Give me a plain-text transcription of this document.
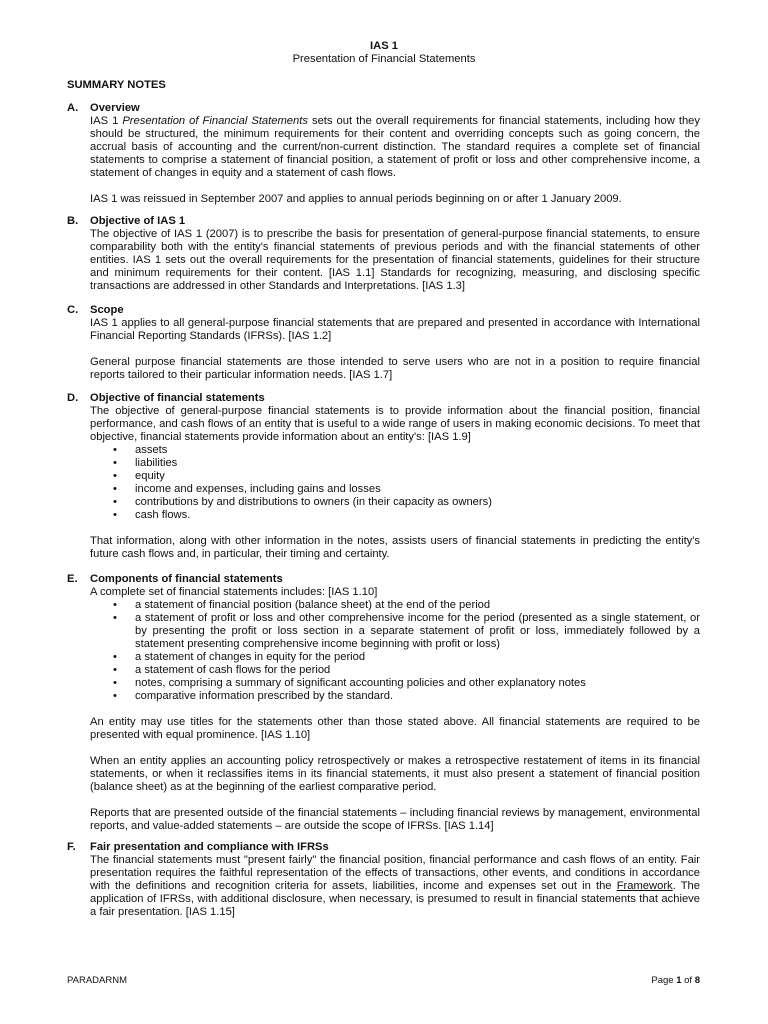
IAS 1
Presentation of Financial Statements
SUMMARY NOTES
A.	Overview

IAS 1 Presentation of Financial Statements sets out the overall requirements for financial statements, including how they should be structured, the minimum requirements for their content and overriding concepts such as going concern, the accrual basis of accounting and the current/non-current distinction. The standard requires a complete set of financial statements to comprise a statement of financial position, a statement of profit or loss and other comprehensive income, a statement of changes in equity and a statement of cash flows.

IAS 1 was reissued in September 2007 and applies to annual periods beginning on or after 1 January 2009.

B.	Objective of IAS 1

The objective of IAS 1 (2007) is to prescribe the basis for presentation of general-purpose financial statements, to ensure comparability both with the entity's financial statements of previous periods and with the financial statements of other entities. IAS 1 sets out the overall requirements for the presentation of financial statements, guidelines for their structure and minimum requirements for their content. [IAS 1.1] Standards for recognizing, measuring, and disclosing specific transactions are addressed in other Standards and Interpretations. [IAS 1.3]

C.	Scope

IAS 1 applies to all general-purpose financial statements that are prepared and presented in accordance with International Financial Reporting Standards (IFRSs). [IAS 1.2]

General purpose financial statements are those intended to serve users who are not in a position to require financial reports tailored to their particular information needs. [IAS 1.7]

D.	Objective of financial statements

The objective of general-purpose financial statements is to provide information about the financial position, financial performance, and cash flows of an entity that is useful to a wide range of users in making economic decisions. To meet that objective, financial statements provide information about an entity's: [IAS 1.9]

• assets
• liabilities
• equity
• income and expenses, including gains and losses
• contributions by and distributions to owners (in their capacity as owners)
• cash flows.

That information, along with other information in the notes, assists users of financial statements in predicting the entity's future cash flows and, in particular, their timing and certainty.

E.	Components of financial statements

A complete set of financial statements includes: [IAS 1.10]

• a statement of financial position (balance sheet) at the end of the period
• a statement of profit or loss and other comprehensive income for the period (presented as a single statement, or by presenting the profit or loss section in a separate statement of profit or loss, immediately followed by a statement presenting comprehensive income beginning with profit or loss)
• a statement of changes in equity for the period
• a statement of cash flows for the period
• notes, comprising a summary of significant accounting policies and other explanatory notes
• comparative information prescribed by the standard.

An entity may use titles for the statements other than those stated above. All financial statements are required to be presented with equal prominence. [IAS 1.10]

When an entity applies an accounting policy retrospectively or makes a retrospective restatement of items in its financial statements, or when it reclassifies items in its financial statements, it must also present a statement of financial position (balance sheet) as at the beginning of the earliest comparative period.

Reports that are presented outside of the financial statements – including financial reviews by management, environmental reports, and value-added statements – are outside the scope of IFRSs. [IAS 1.14]

F.	Fair presentation and compliance with IFRSs

The financial statements must "present fairly" the financial position, financial performance and cash flows of an entity. Fair presentation requires the faithful representation of the effects of transactions, other events, and conditions in accordance with the definitions and recognition criteria for assets, liabilities, income and expenses set out in the Framework. The application of IFRSs, with additional disclosure, when necessary, is presumed to result in financial statements that achieve a fair presentation. [IAS 1.15]

PARADARNM	Page 1 of 8
